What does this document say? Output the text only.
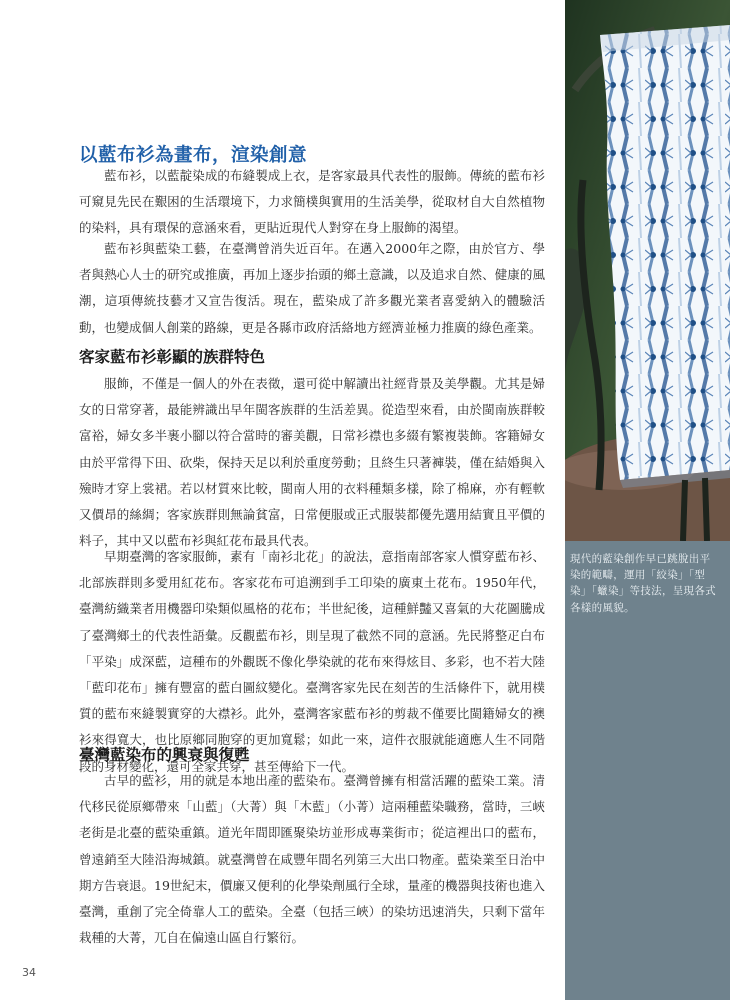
現代的藍染創作早已跳脫出平染的範疇，運用「絞染」「型染」「蠟染」等技法，呈現各式各樣的風貌。

以藍布衫為畫布，渲染創意

藍布衫，以藍靛染成的布縫製成上衣，是客家最具代表性的服飾。傳統的藍布衫可窺見先民在艱困的生活環境下，力求簡樸與實用的生活美學，從取材自大自然植物的染料，具有環保的意涵來看，更貼近現代人對穿在身上服飾的渴望。

藍布衫與藍染工藝，在臺灣曾消失近百年。在邁入2000年之際，由於官方、學者與熱心人士的研究或推廣，再加上逐步抬頭的鄉土意識，以及追求自然、健康的風潮，這項傳統技藝才又宣告復活。現在，藍染成了許多觀光業者喜愛納入的體驗活動，也變成個人創業的路線，更是各縣市政府活絡地方經濟並極力推廣的綠色產業。

客家藍布衫彰顯的族群特色

服飾，不僅是一個人的外在表徵，還可從中解讀出社經背景及美學觀。尤其是婦女的日常穿著，最能辨識出早年閩客族群的生活差異。從造型來看，由於閩南族群較富裕，婦女多半裹小腳以符合當時的審美觀，日常衫襟也多綴有繁複裝飾。客籍婦女由於平常得下田、砍柴，保持天足以利於重度勞動；且終生只著褲裝，僅在結婚與入殮時才穿上裳裙。若以材質來比較，閩南人用的衣料種類多樣，除了棉麻，亦有輕軟又價昂的絲綢；客家族群則無論貧富，日常便服或正式服裝都優先選用結實且平價的料子，其中又以藍布衫與紅花布最具代表。

早期臺灣的客家服飾，素有「南衫北花」的說法，意指南部客家人慣穿藍布衫、北部族群則多愛用紅花布。客家花布可追溯到手工印染的廣東土花布。1950年代，臺灣紡織業者用機器印染類似風格的花布；半世紀後，這種鮮豔又喜氣的大花圖騰成了臺灣鄉土的代表性語彙。反觀藍布衫，則呈現了截然不同的意涵。先民將整疋白布「平染」成深藍，這種布的外觀既不像化學染就的花布來得炫目、多彩，也不若大陸「藍印花布」擁有豐富的藍白圖紋變化。臺灣客家先民在刻苦的生活條件下，就用樸質的藍布來縫製實穿的大襟衫。此外，臺灣客家藍布衫的剪裁不僅要比閩籍婦女的襖衫來得寬大，也比原鄉同胞穿的更加寬鬆；如此一來，這件衣服就能適應人生不同階段的身材變化，還可全家共穿，甚至傳給下一代。

臺灣藍染布的興衰與復甦

古早的藍衫，用的就是本地出產的藍染布。臺灣曾擁有相當活躍的藍染工業。清代移民從原鄉帶來「山藍」（大菁）與「木藍」（小菁）這兩種藍染職務，當時，三峽老街是北臺的藍染重鎮。道光年間即匯聚染坊並形成專業街市；從這裡出口的藍布，曾遠銷至大陸沿海城鎮。就臺灣曾在咸豐年間名列第三大出口物產。藍染業至日治中期方告衰退。19世紀末，價廉又便利的化學染劑風行全球，量產的機器與技術也進入臺灣，重創了完全倚靠人工的藍染。全臺（包括三峽）的染坊迅速消失，只剩下當年栽種的大菁，兀自在偏遠山區自行繁衍。

34
